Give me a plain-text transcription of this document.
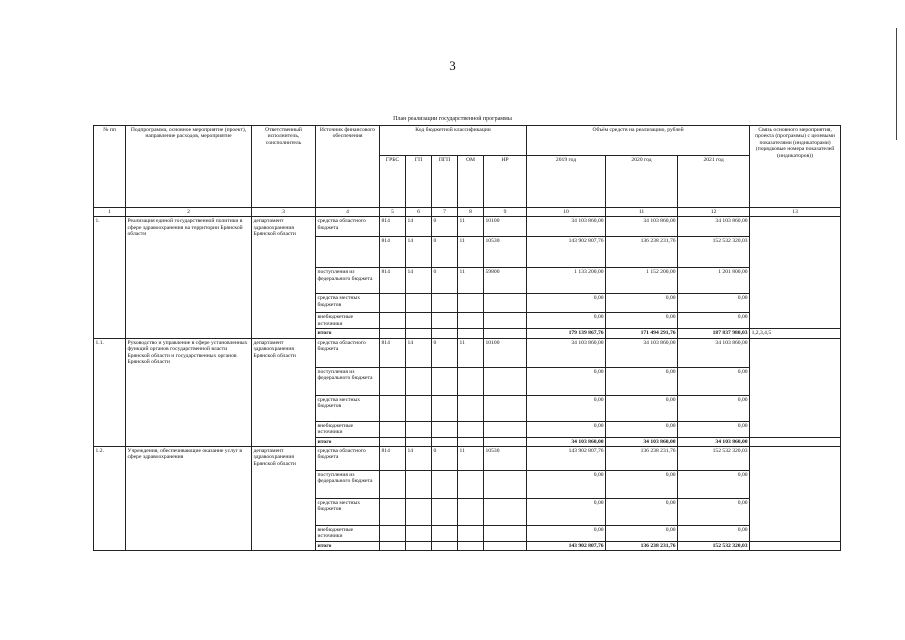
3
План реализации государственной программы
№ пп	Подпрограмма, основное мероприятие (проект), направление расходов, мероприятие	Ответственный исполнитель, соисполнитель	Источник финансового обеспечения	Код бюджетной классификации					Объём средств на реализацию, рублей			Связь основного мероприятия, проекта (программы) с целевыми показателями (индикаторами) (порядковые номера показателей (индикаторов))
				ГРБС	ГП	ПГП	ОМ	НР	2019 год	2020 год	2021 год	
1	2	3	4	5	6	7	8	9	10	11	12	13
1.	Реализация единой государственной политики в сфере здравоохранения на территории Брянской области	департамент здравоохранения Брянской области	средства областного бюджета	814	14	0	11	10100	34 103 860,00	34 103 860,00	34 103 860,00	
				814	14	0	11	10530	143 902 807,76	136 238 231,76	152 532 320,03	
			поступления из федерального бюджета	814	14	0	11	59800	1 133 200,00	1 152 200,00	1 201 800,00	
			средства местных бюджетов						0,00	0,00	0,00	
			внебюджетные источники						0,00	0,00	0,00	
			итого						179 139 867,76	171 494 291,76	187 837 980,03	1,2,3,4,5
1.1.	Руководство и управление в сфере установленных функций органов государственной власти Брянской области и государственных органов Брянской области	департамент здравоохранения Брянской области	средства областного бюджета	814	14	0	11	10100	34 103 860,00	34 103 860,00	34 103 860,00	
			поступления из федерального бюджета						0,00	0,00	0,00	
			средства местных бюджетов						0,00	0,00	0,00	
			внебюджетные источники						0,00	0,00	0,00	
			итого						34 103 860,00	34 103 860,00	34 103 860,00	
1.2.	Учреждения, обеспечивающие оказание услуг в сфере здравоохранения	департамент здравоохранения Брянской области	средства областного бюджета	814	14	0	11	10530	143 902 807,76	136 238 231,76	152 532 320,03	
			поступления из федерального бюджета						0,00	0,00	0,00	
			средства местных бюджетов						0,00	0,00	0,00	
			внебюджетные источники						0,00	0,00	0,00	
			итого						143 902 807,76	136 238 231,76	152 532 320,03	
